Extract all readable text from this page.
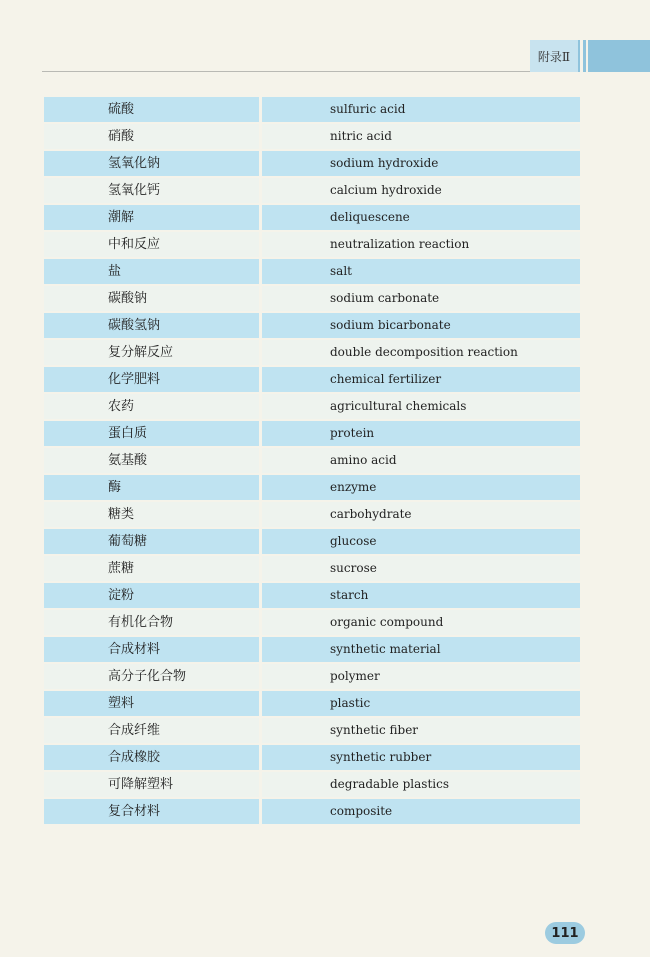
附录Ⅱ
硫酸	sulfuric acid
硝酸	nitric acid
氢氧化钠	sodium hydroxide
氢氧化钙	calcium hydroxide
潮解	deliquescene
中和反应	neutralization reaction
盐	salt
碳酸钠	sodium carbonate
碳酸氢钠	sodium bicarbonate
复分解反应	double decomposition reaction
化学肥料	chemical fertilizer
农药	agricultural chemicals
蛋白质	protein
氨基酸	amino acid
酶	enzyme
糖类	carbohydrate
葡萄糖	glucose
蔗糖	sucrose
淀粉	starch
有机化合物	organic compound
合成材料	synthetic material
高分子化合物	polymer
塑料	plastic
合成纤维	synthetic fiber
合成橡胶	synthetic rubber
可降解塑料	degradable plastics
复合材料	composite
111
